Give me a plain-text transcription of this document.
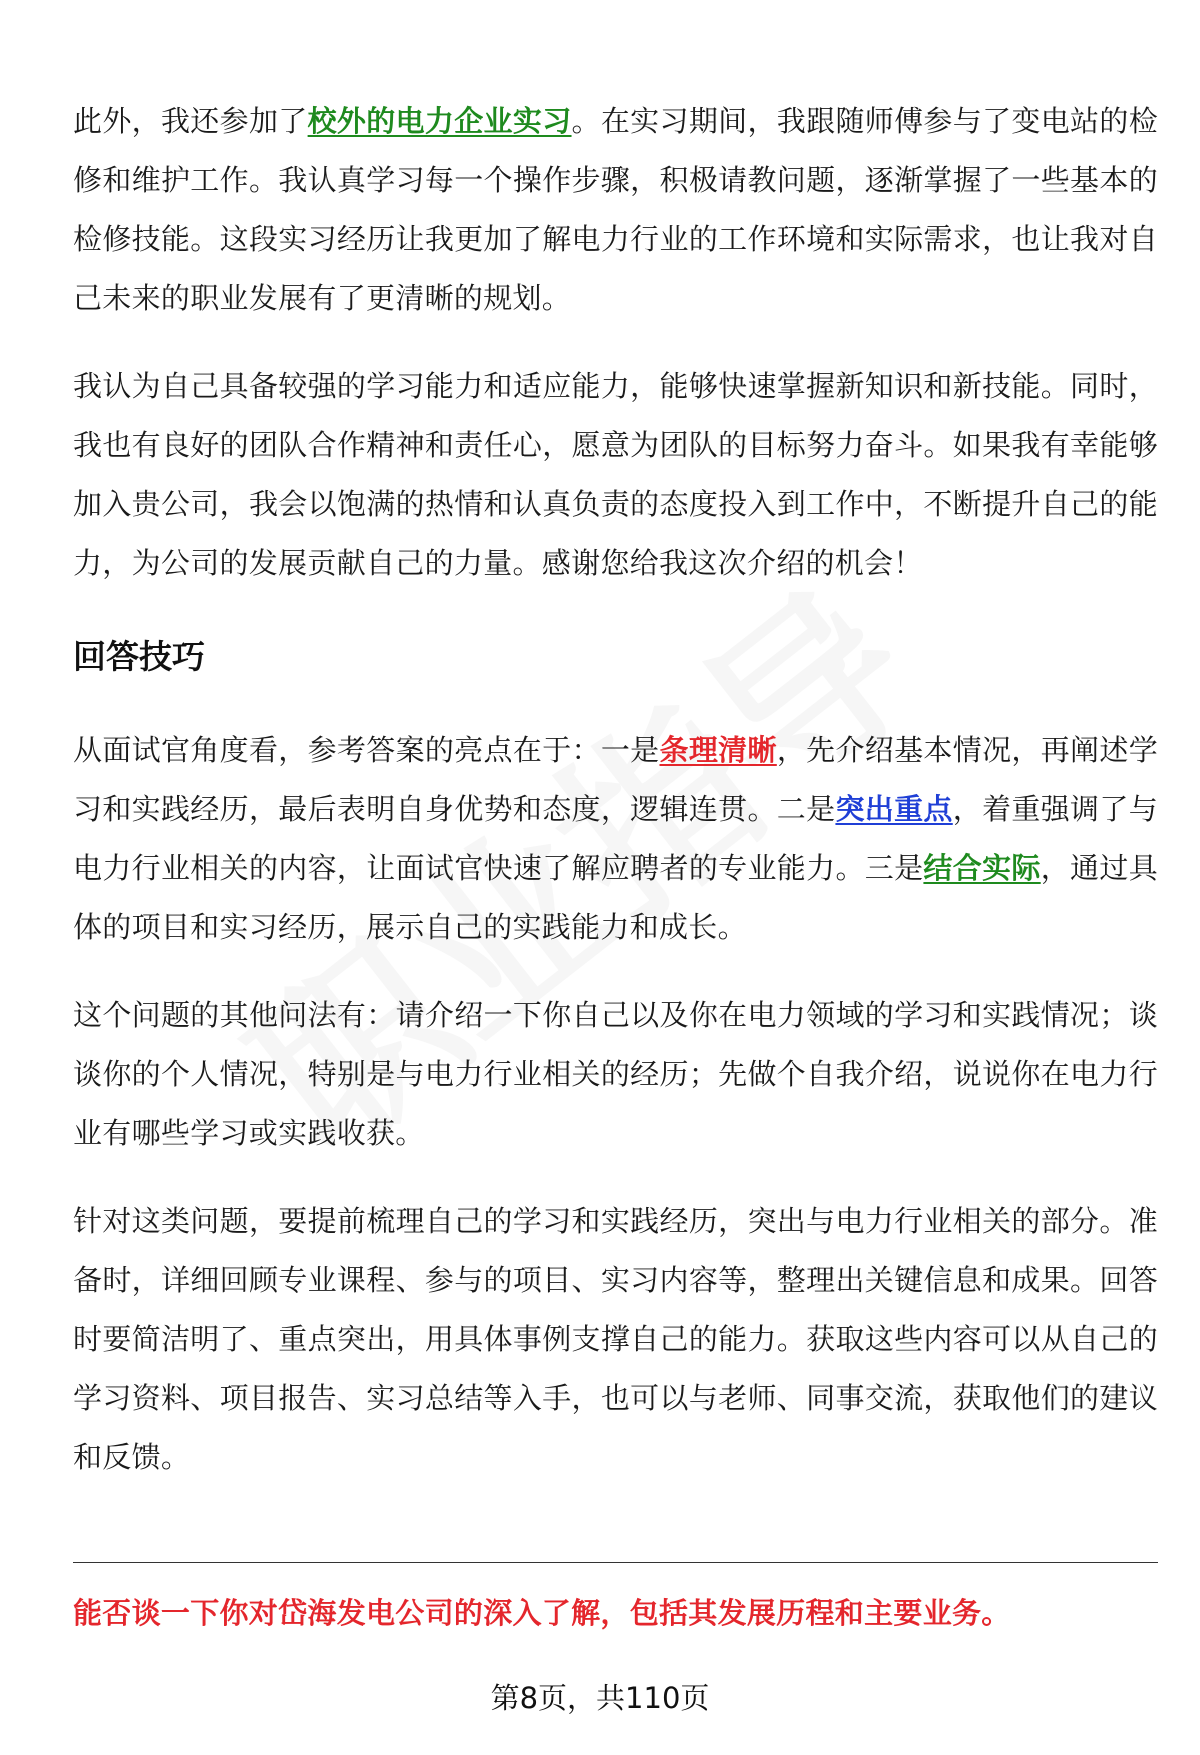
此外，我还参加了校外的电力企业实习。在实习期间，我跟随师傅参与了变电站的检修和维护工作。我认真学习每一个操作步骤，积极请教问题，逐渐掌握了一些基本的检修技能。这段实习经历让我更加了解电力行业的工作环境和实际需求，也让我对自己未来的职业发展有了更清晰的规划。

我认为自己具备较强的学习能力和适应能力，能够快速掌握新知识和新技能。同时，我也有良好的团队合作精神和责任心，愿意为团队的目标努力奋斗。如果我有幸能够加入贵公司，我会以饱满的热情和认真负责的态度投入到工作中，不断提升自己的能力，为公司的发展贡献自己的力量。感谢您给我这次介绍的机会！

回答技巧

从面试官角度看，参考答案的亮点在于：一是条理清晰，先介绍基本情况，再阐述学习和实践经历，最后表明自身优势和态度，逻辑连贯。二是突出重点，着重强调了与电力行业相关的内容，让面试官快速了解应聘者的专业能力。三是结合实际，通过具体的项目和实习经历，展示自己的实践能力和成长。

这个问题的其他问法有：请介绍一下你自己以及你在电力领域的学习和实践情况；谈谈你的个人情况，特别是与电力行业相关的经历；先做个自我介绍，说说你在电力行业有哪些学习或实践收获。

针对这类问题，要提前梳理自己的学习和实践经历，突出与电力行业相关的部分。准备时，详细回顾专业课程、参与的项目、实习内容等，整理出关键信息和成果。回答时要简洁明了、重点突出，用具体事例支撑自己的能力。获取这些内容可以从自己的学习资料、项目报告、实习总结等入手，也可以与老师、同事交流，获取他们的建议和反馈。

能否谈一下你对岱海发电公司的深入了解，包括其发展历程和主要业务。
第8页，共110页
